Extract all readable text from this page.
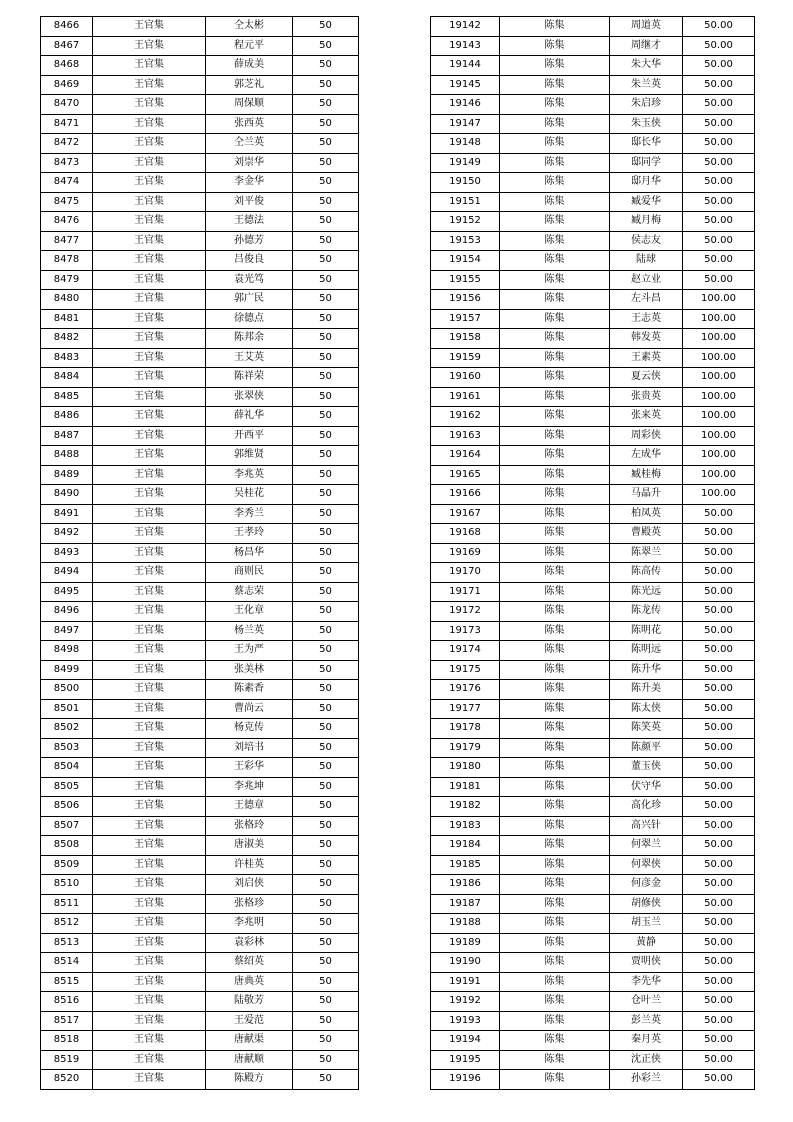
8466	王官集	仝太彬	50
8467	王官集	程元平	50
8468	王官集	薛成美	50
8469	王官集	郭芝礼	50
8470	王官集	周保顺	50
8471	王官集	张西英	50
8472	王官集	仝兰英	50
8473	王官集	刘崇华	50
8474	王官集	李金华	50
8475	王官集	刘平俊	50
8476	王官集	王德法	50
8477	王官集	孙德芳	50
8478	王官集	吕俊良	50
8479	王官集	袁光笃	50
8480	王官集	郭广民	50
8481	王官集	徐德点	50
8482	王官集	陈邦余	50
8483	王官集	王艾英	50
8484	王官集	陈祥荣	50
8485	王官集	张翠侠	50
8486	王官集	薛礼华	50
8487	王官集	开西平	50
8488	王官集	郭维贤	50
8489	王官集	李兆英	50
8490	王官集	吴桂花	50
8491	王官集	李秀兰	50
8492	王官集	王孝玲	50
8493	王官集	杨昌华	50
8494	王官集	商则民	50
8495	王官集	蔡志荣	50
8496	王官集	王化章	50
8497	王官集	杨兰英	50
8498	王官集	王为严	50
8499	王官集	张美林	50
8500	王官集	陈素香	50
8501	王官集	曹尚云	50
8502	王官集	杨克传	50
8503	王官集	刘培书	50
8504	王官集	王彩华	50
8505	王官集	李兆坤	50
8506	王官集	王德章	50
8507	王官集	张格玲	50
8508	王官集	唐淑美	50
8509	王官集	许桂英	50
8510	王官集	刘启侠	50
8511	王官集	张格珍	50
8512	王官集	李兆明	50
8513	王官集	袁彩林	50
8514	王官集	蔡绍英	50
8515	王官集	唐典英	50
8516	王官集	陆敬芳	50
8517	王官集	王爱范	50
8518	王官集	唐献渠	50
8519	王官集	唐献顺	50
8520	王官集	陈殿方	50
19142	陈集	周道英	50.00
19143	陈集	周继才	50.00
19144	陈集	朱大华	50.00
19145	陈集	朱兰英	50.00
19146	陈集	朱启珍	50.00
19147	陈集	朱玉侠	50.00
19148	陈集	邸长华	50.00
19149	陈集	邸同学	50.00
19150	陈集	邸月华	50.00
19151	陈集	臧爱华	50.00
19152	陈集	臧月梅	50.00
19153	陈集	侯志友	50.00
19154	陈集	陆球	50.00
19155	陈集	赵立业	50.00
19156	陈集	左斗昌	100.00
19157	陈集	王志英	100.00
19158	陈集	韩发英	100.00
19159	陈集	王素英	100.00
19160	陈集	夏云侠	100.00
19161	陈集	张贵英	100.00
19162	陈集	张来英	100.00
19163	陈集	周彩侠	100.00
19164	陈集	左成华	100.00
19165	陈集	臧桂梅	100.00
19166	陈集	马晶升	100.00
19167	陈集	柏凤英	50.00
19168	陈集	曹殿英	50.00
19169	陈集	陈翠兰	50.00
19170	陈集	陈高传	50.00
19171	陈集	陈光远	50.00
19172	陈集	陈龙传	50.00
19173	陈集	陈明花	50.00
19174	陈集	陈明远	50.00
19175	陈集	陈升华	50.00
19176	陈集	陈升美	50.00
19177	陈集	陈太侠	50.00
19178	陈集	陈笑英	50.00
19179	陈集	陈颜平	50.00
19180	陈集	董玉侠	50.00
19181	陈集	伏守华	50.00
19182	陈集	高化珍	50.00
19183	陈集	高兴针	50.00
19184	陈集	何翠兰	50.00
19185	陈集	何翠侠	50.00
19186	陈集	何彦金	50.00
19187	陈集	胡修侠	50.00
19188	陈集	胡玉兰	50.00
19189	陈集	黄静	50.00
19190	陈集	贾明侠	50.00
19191	陈集	李先华	50.00
19192	陈集	仓叶兰	50.00
19193	陈集	彭兰英	50.00
19194	陈集	秦月英	50.00
19195	陈集	沈正侠	50.00
19196	陈集	孙彩兰	50.00
